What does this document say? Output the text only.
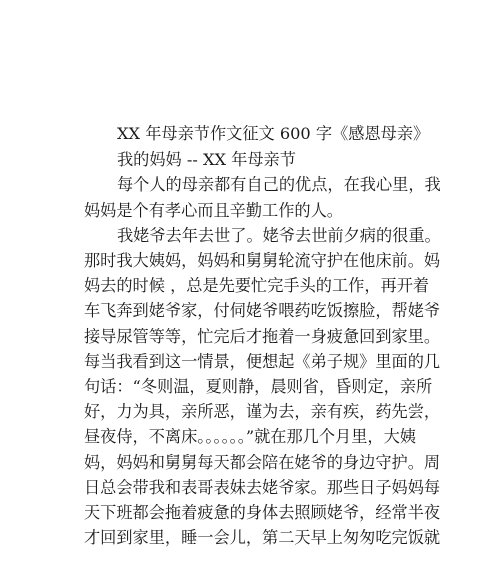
XX 年母亲节作文征文 600 字《感恩母亲》
我的妈妈 -- XX 年母亲节
每个人的母亲都有自己的优点，在我心里，我
妈妈是个有孝心而且辛勤工作的人。
我姥爷去年去世了。姥爷去世前夕病的很重。
那时我大姨妈，妈妈和舅舅轮流守护在他床前。妈
妈去的时候 ，总是先要忙完手头的工作，再开着
车飞奔到姥爷家，付伺姥爷喂药吃饭擦脸，帮姥爷
接导尿管等等，忙完后才拖着一身疲惫回到家里。
每当我看到这一情景，便想起《弟子规》里面的几
句话：“冬则温，夏则静，晨则省，昏则定，亲所
好，力为具，亲所恶，谨为去，亲有疾，药先尝，
昼夜侍，不离床。。。。。。”就在那几个月里，大姨
妈，妈妈和舅舅每天都会陪在姥爷的身边守护。周
日总会带我和表哥表妹去姥爷家。那些日子妈妈每
天下班都会拖着疲惫的身体去照顾姥爷，经常半夜
才回到家里，睡一会儿，第二天早上匆匆吃完饭就
